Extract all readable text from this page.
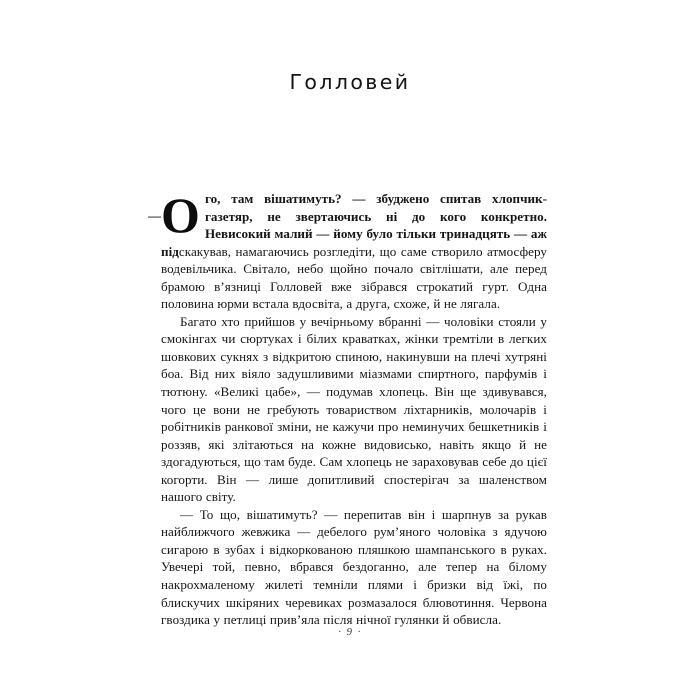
Голловей
— Ого, там вішатимуть? — збуджено спитав хлопчик-газетяр, не звертаючись ні до кого конкретно. Невисокий малий — йому було тільки тринадцять — аж підскакував, намагаючись розгледіти, що саме створило атмосферу водевільчика. Світало, небо щойно почало світлішати, але перед брамою в’язниці Голловей вже зібрався строкатий гурт. Одна половина юрми встала вдосвіта, а друга, схоже, й не лягала.

Багато хто прийшов у вечірньому вбранні — чоловіки стояли у смокінгах чи сюртуках і білих краватках, жінки тремтіли в легких шовкових сукнях з відкритою спиною, накинувши на плечі хутряні боа. Від них віяло задушливими міазмами спиртного, парфумів і тютюну. «Великі цабе», — подумав хлопець. Він ще здивувався, чого це вони не гребують товариством ліхтарників, молочарів і робітників ранкової зміни, не кажучи про неминучих бешкетників і роззяв, які злітаються на кожне видовисько, навіть якщо й не здогадуються, що там буде. Сам хлопець не зараховував себе до цієї когорти. Він — лише допитливий спостерігач за шаленством нашого світу.

— То що, вішатимуть? — перепитав він і шарпнув за рукав найближчого жевжика — дебелого рум’яного чоловіка з ядучою сигарою в зубах і відкоркованою пляшкою шампанського в руках. Увечері той, певно, вбрався бездоганно, але тепер на білому накрохмаленому жилеті темніли плями і бризки від їжі, по блискучих шкіряних черевиках розмазалося блювотиння. Червона гвоздика у петлиці прив’яла після нічної гулянки й обвисла.

· 9 ·
